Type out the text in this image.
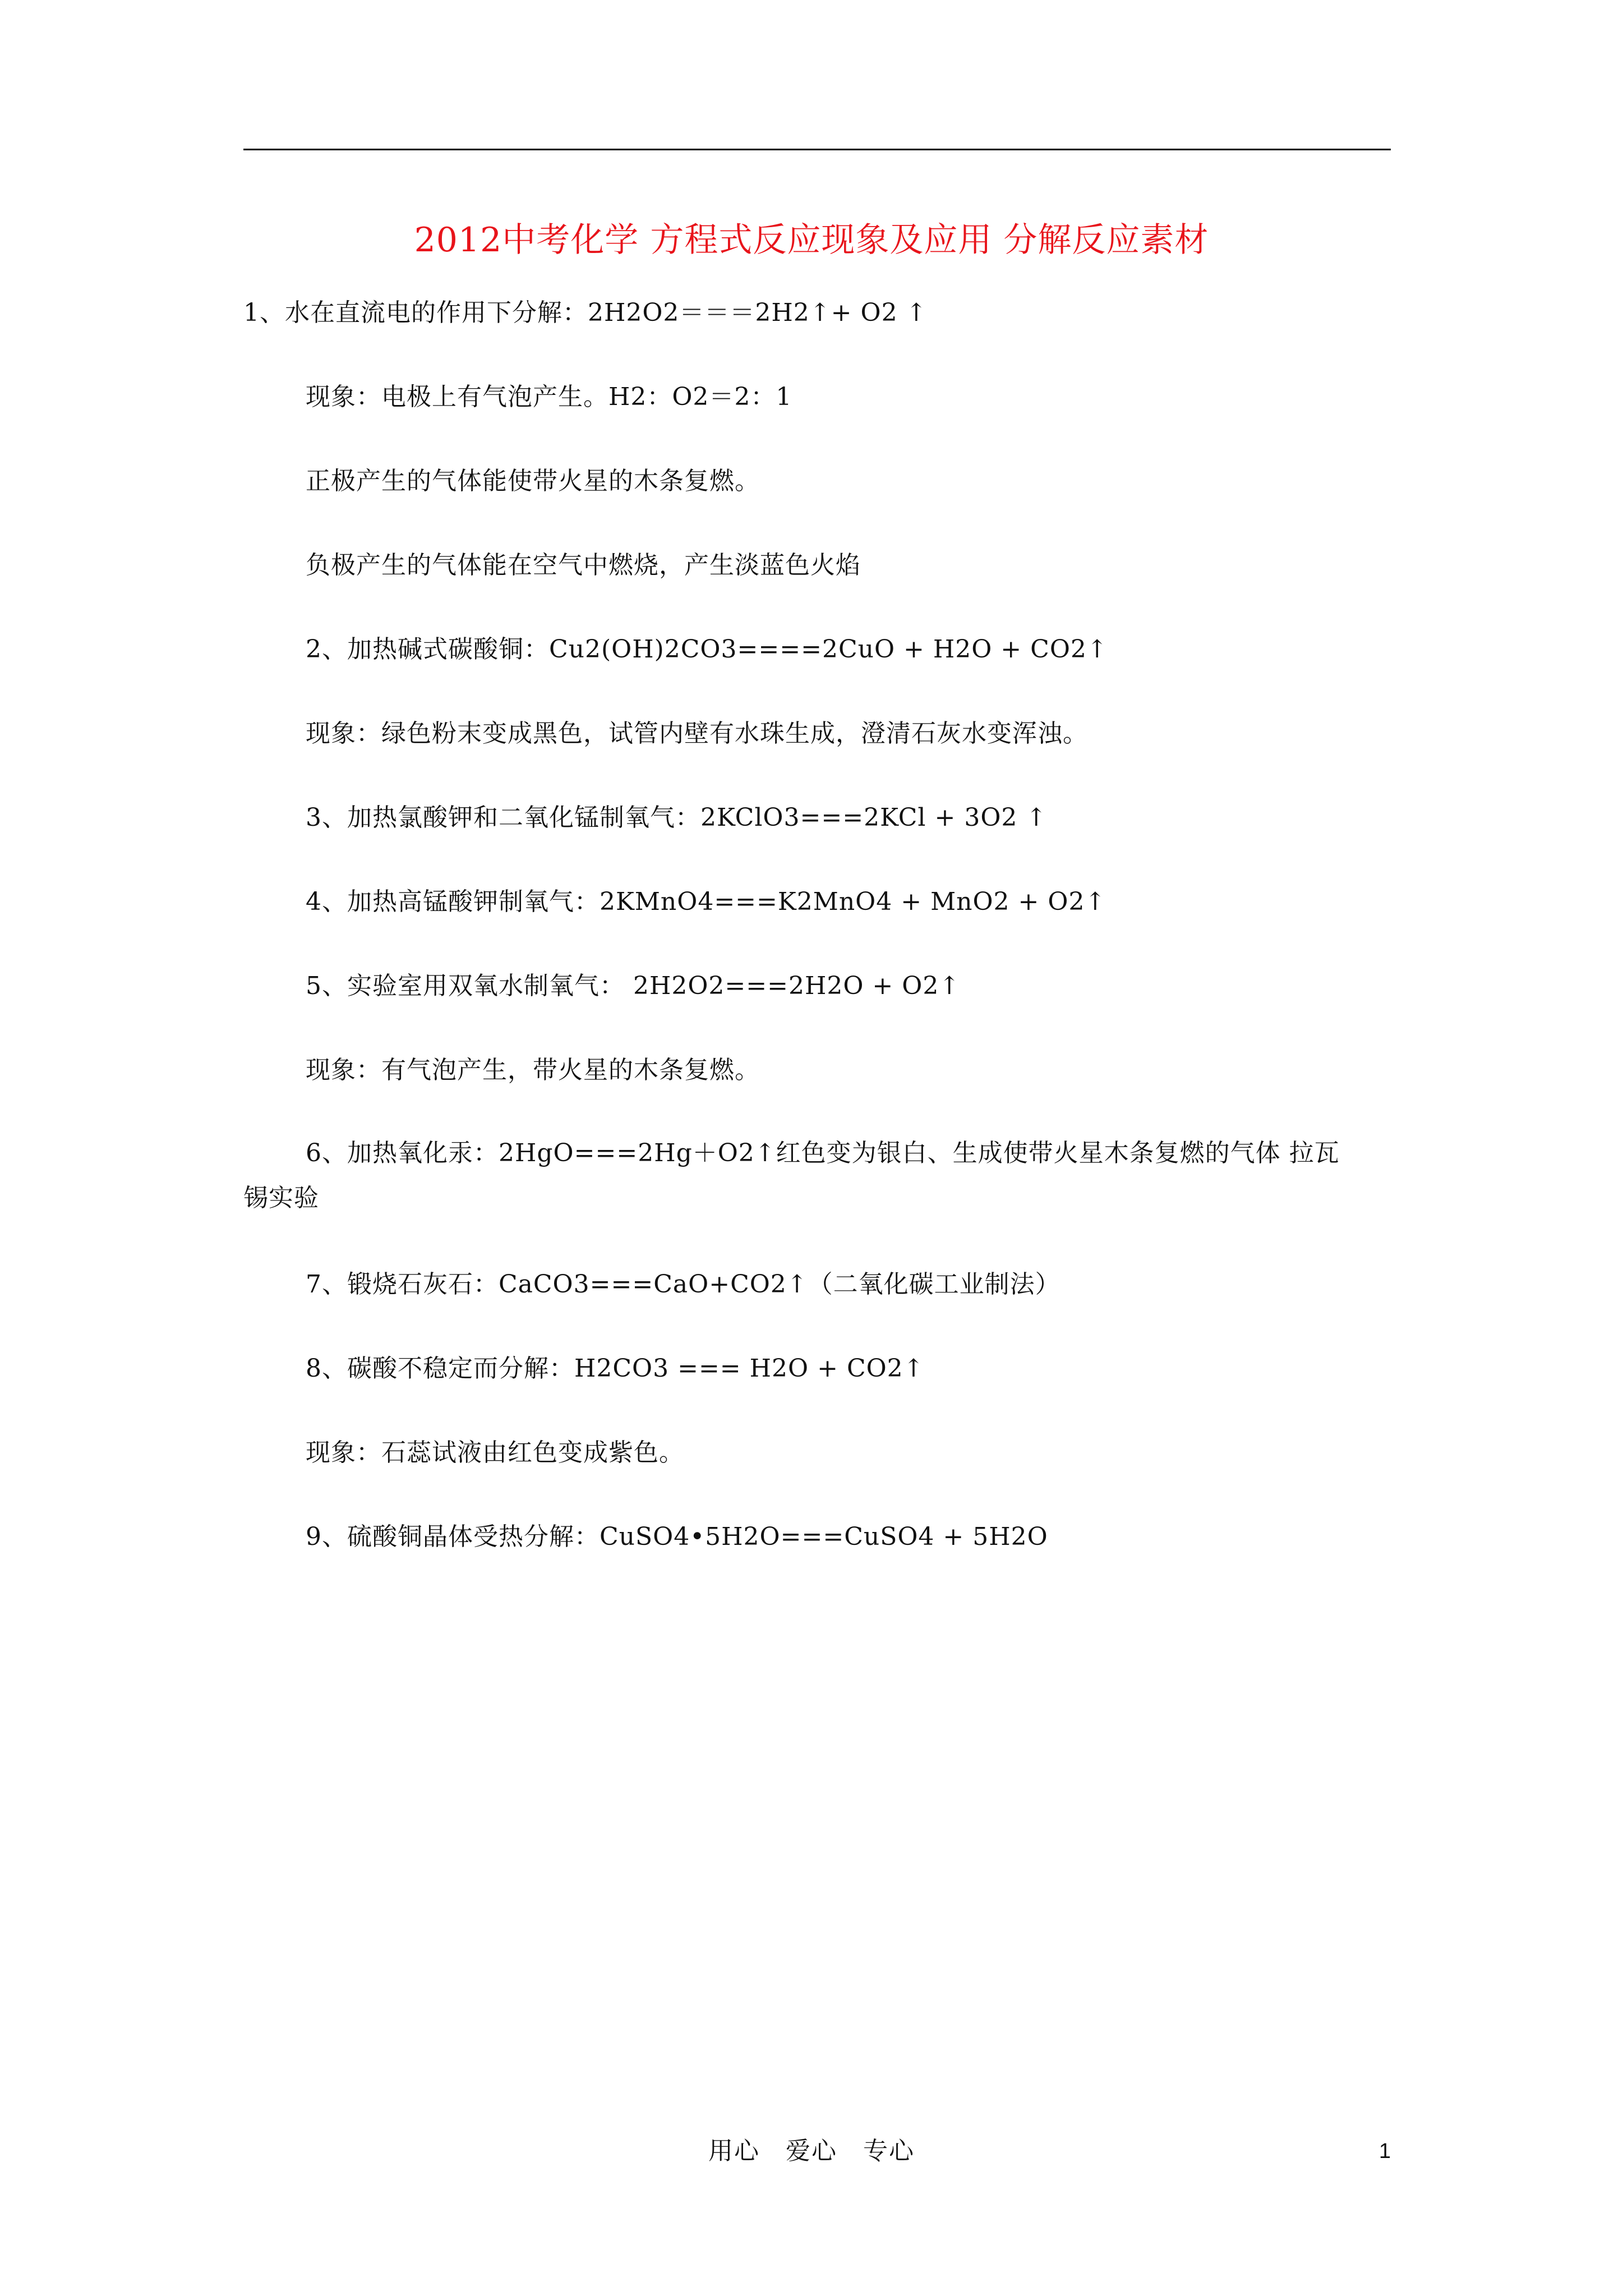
2012中考化学 方程式反应现象及应用 分解反应素材
1、水在直流电的作用下分解：2H2O2＝＝＝2H2↑+ O2 ↑
现象：电极上有气泡产生。H2：O2＝2：1
正极产生的气体能使带火星的木条复燃。
负极产生的气体能在空气中燃烧，产生淡蓝色火焰
2、加热碱式碳酸铜：Cu2(OH)2CO3====2CuO + H2O + CO2↑
现象：绿色粉末变成黑色，试管内壁有水珠生成，澄清石灰水变浑浊。
3、加热氯酸钾和二氧化锰制氧气：2KClO3===2KCl + 3O2 ↑
4、加热高锰酸钾制氧气：2KMnO4===K2MnO4 + MnO2 + O2↑
5、实验室用双氧水制氧气： 2H2O2===2H2O + O2↑
现象：有气泡产生，带火星的木条复燃。
6、加热氧化汞：2HgO===2Hg＋O2↑红色变为银白、生成使带火星木条复燃的气体 拉瓦
锡实验
7、锻烧石灰石：CaCO3===CaO+CO2↑（二氧化碳工业制法）
8、碳酸不稳定而分解：H2CO3 === H2O + CO2↑
现象：石蕊试液由红色变成紫色。
9、硫酸铜晶体受热分解：CuSO4•5H2O===CuSO4 + 5H2O
用心　爱心　专心	1
